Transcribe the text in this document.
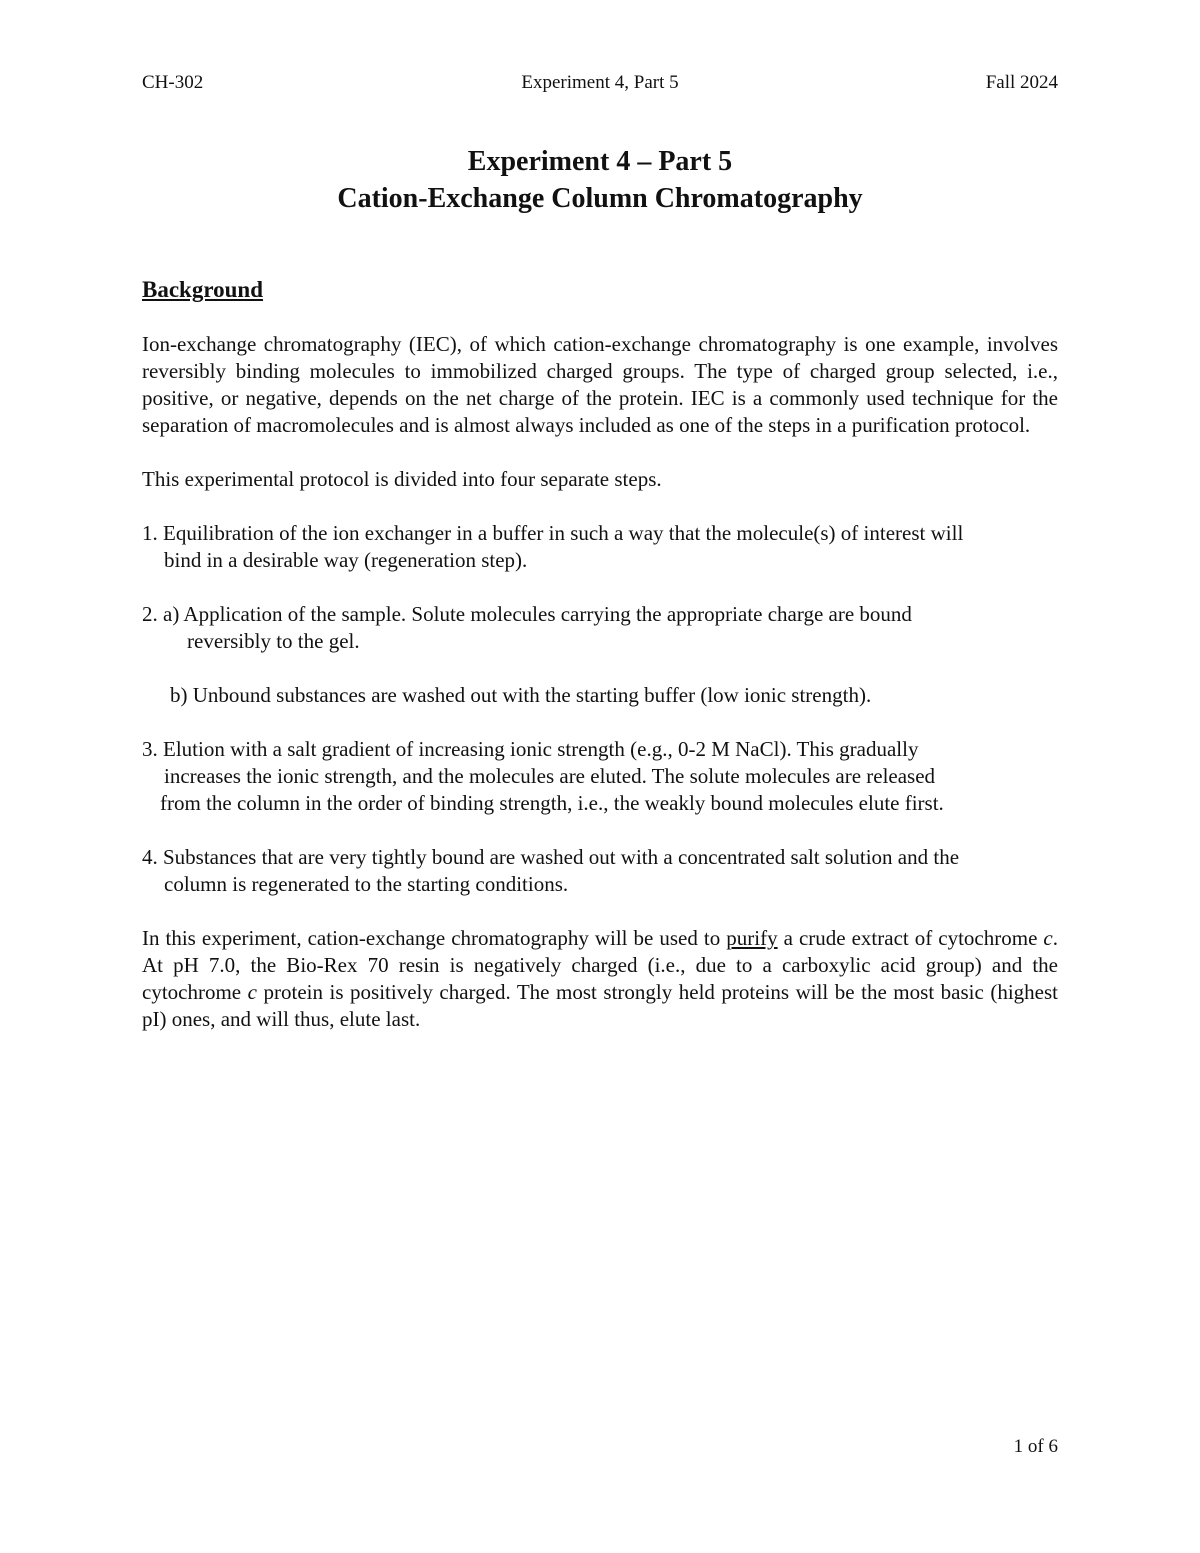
CH-302	Experiment 4, Part 5	Fall 2024
Experiment 4 – Part 5
Cation-Exchange Column Chromatography
Background

Ion-exchange chromatography (IEC), of which cation-exchange chromatography is one example, involves reversibly binding molecules to immobilized charged groups. The type of charged group selected, i.e., positive, or negative, depends on the net charge of the protein. IEC is a commonly used technique for the separation of macromolecules and is almost always included as one of the steps in a purification protocol.

This experimental protocol is divided into four separate steps.

1. Equilibration of the ion exchanger in a buffer in such a way that the molecule(s) of interest will

bind in a desirable way (regeneration step).

2. a) Application of the sample. Solute molecules carrying the appropriate charge are bound

reversibly to the gel.

b) Unbound substances are washed out with the starting buffer (low ionic strength).

3. Elution with a salt gradient of increasing ionic strength (e.g., 0-2 M NaCl). This gradually

increases the ionic strength, and the molecules are eluted. The solute molecules are released

from the column in the order of binding strength, i.e., the weakly bound molecules elute first.

4. Substances that are very tightly bound are washed out with a concentrated salt solution and the

column is regenerated to the starting conditions.

In this experiment, cation-exchange chromatography will be used to purify a crude extract of cytochrome c. At pH 7.0, the Bio-Rex 70 resin is negatively charged (i.e., due to a carboxylic acid group) and the cytochrome c protein is positively charged. The most strongly held proteins will be the most basic (highest pI) ones, and will thus, elute last.

1 of 6
